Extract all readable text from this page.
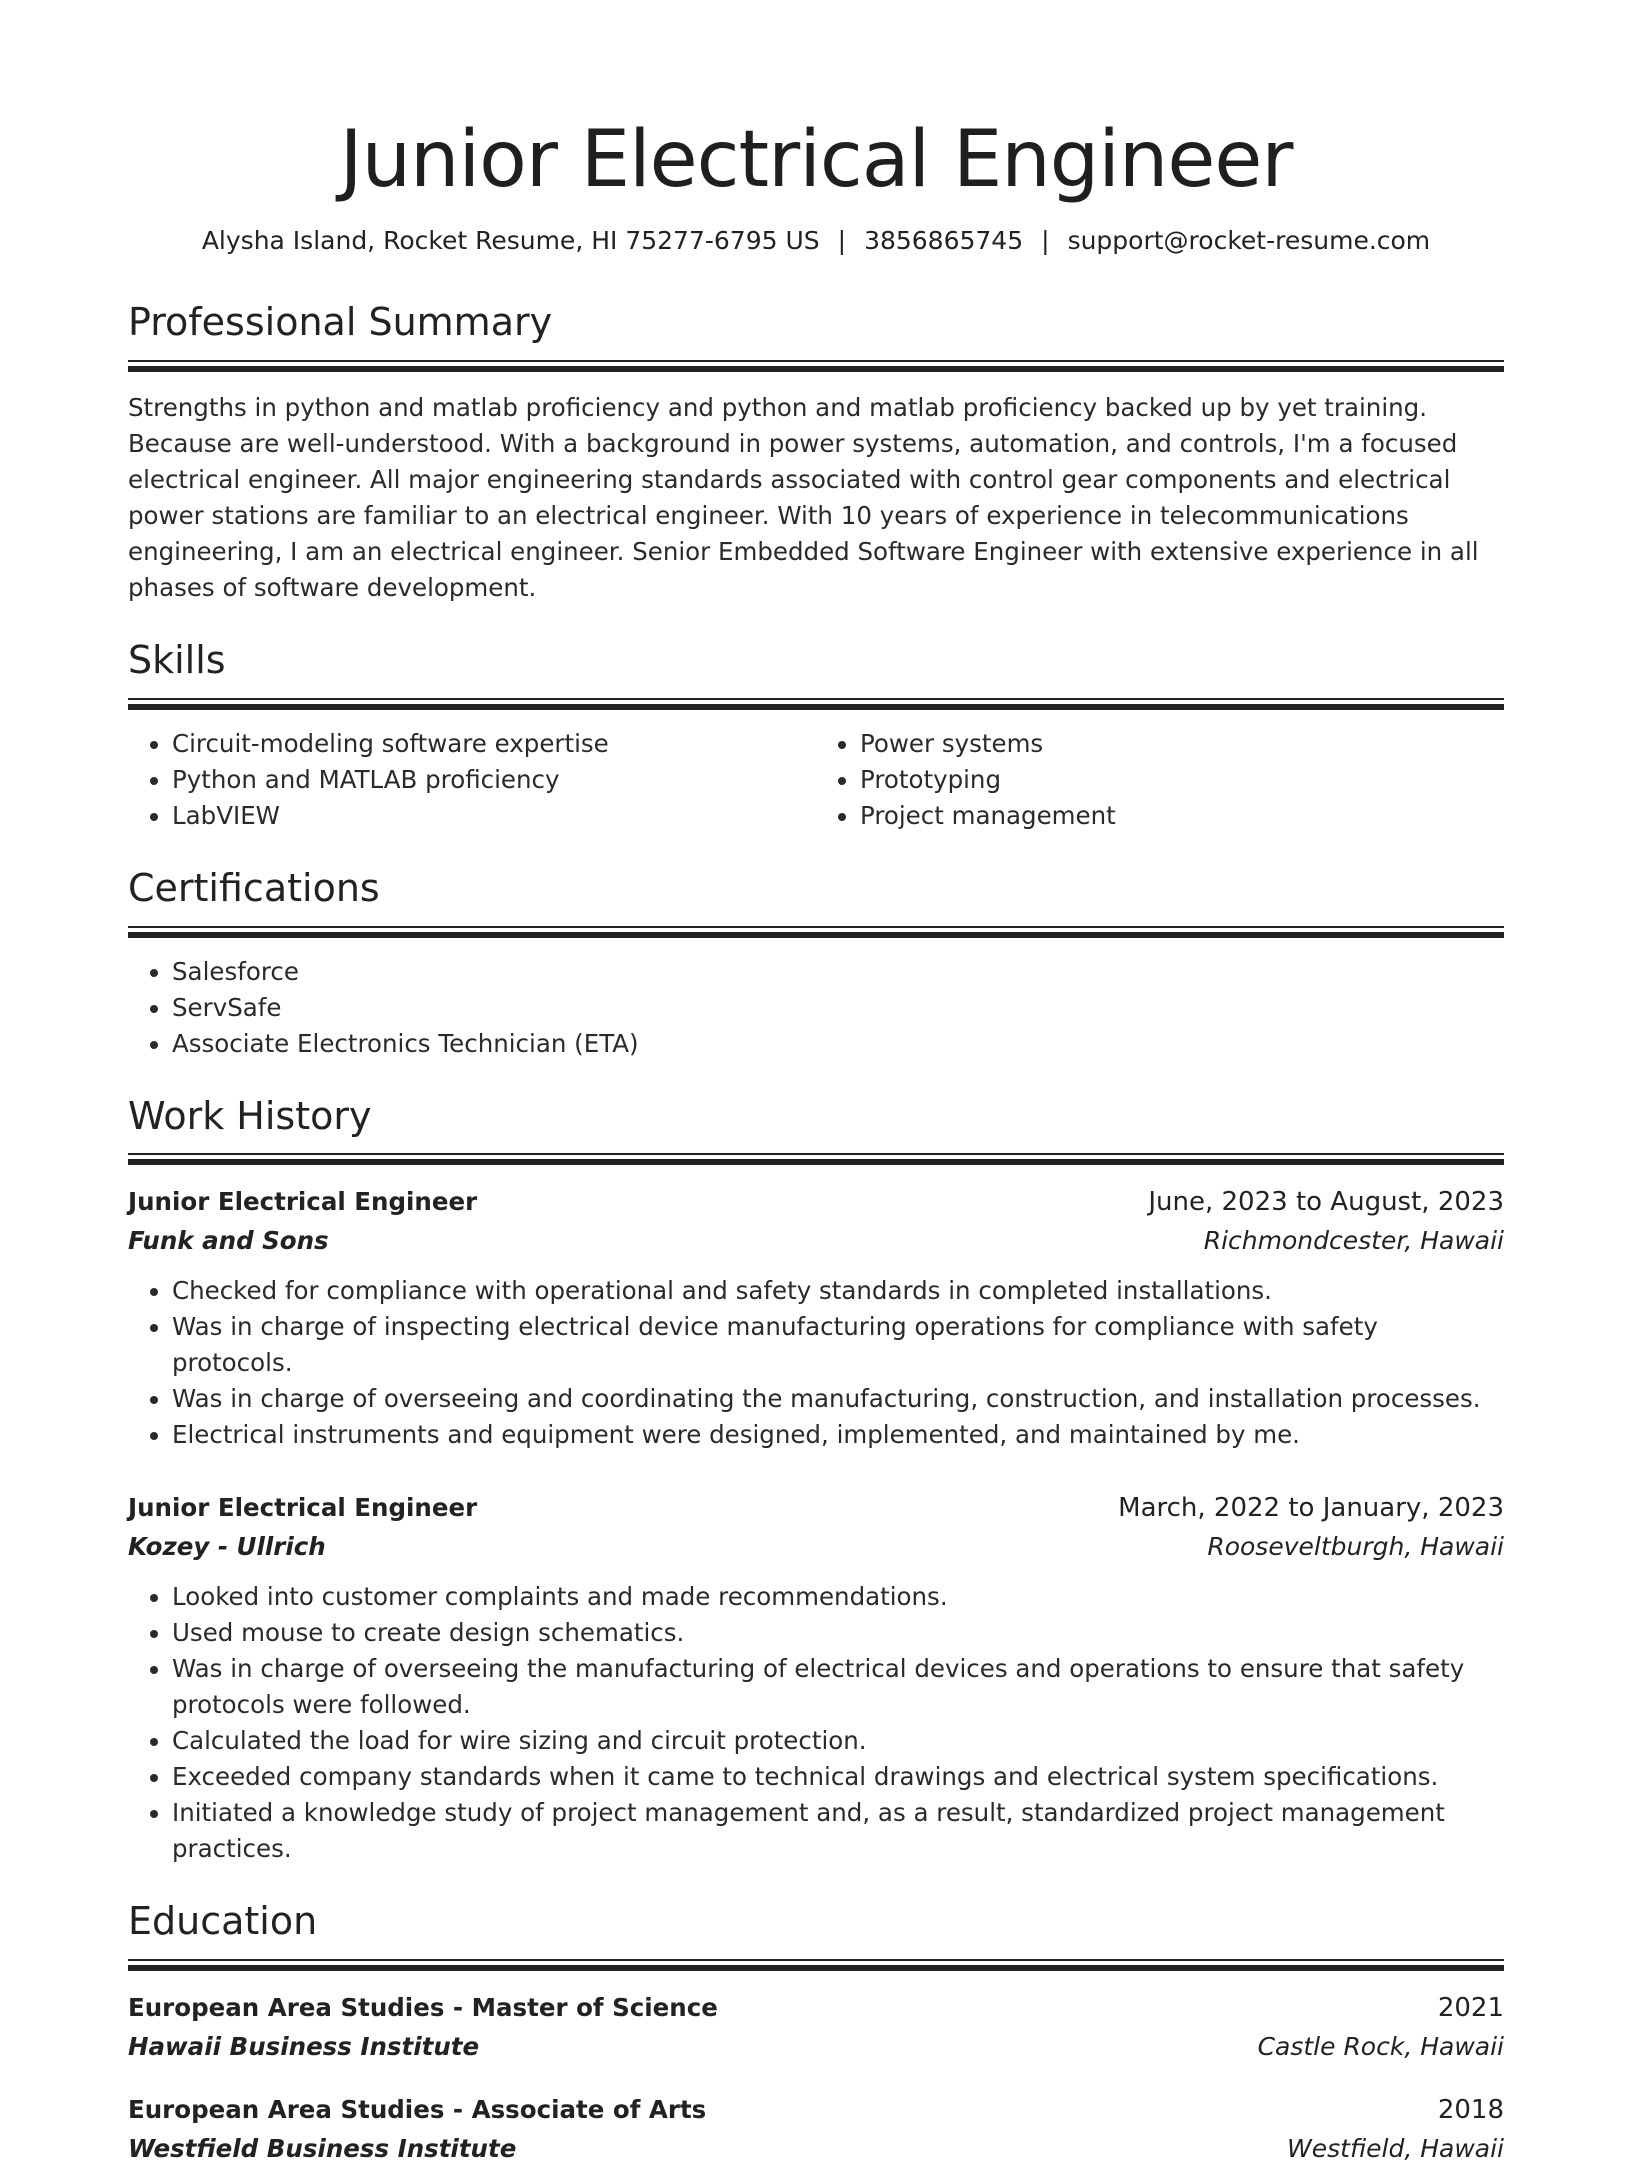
Junior Electrical Engineer
Alysha Island, Rocket Resume, HI 75277-6795 US | 3856865745 | support@rocket-resume.com
Professional Summary
Strengths in python and matlab proficiency and python and matlab proficiency backed up by yet training. Because are well-understood. With a background in power systems, automation, and controls, I'm a focused electrical engineer. All major engineering standards associated with control gear components and electrical power stations are familiar to an electrical engineer. With 10 years of experience in telecommunications engineering, I am an electrical engineer. Senior Embedded Software Engineer with extensive experience in all phases of software development.
Skills
• Circuit-modeling software expertise
• Python and MATLAB proficiency
• LabVIEW
• Power systems
• Prototyping
• Project management
Certifications
• Salesforce
• ServSafe
• Associate Electronics Technician (ETA)
Work History
Junior Electrical Engineer	June, 2023 to August, 2023
Funk and Sons	Richmondcester, Hawaii
• Checked for compliance with operational and safety standards in completed installations.
• Was in charge of inspecting electrical device manufacturing operations for compliance with safety protocols.
• Was in charge of overseeing and coordinating the manufacturing, construction, and installation processes.
• Electrical instruments and equipment were designed, implemented, and maintained by me.
Junior Electrical Engineer	March, 2022 to January, 2023
Kozey - Ullrich	Rooseveltburgh, Hawaii
• Looked into customer complaints and made recommendations.
• Used mouse to create design schematics.
• Was in charge of overseeing the manufacturing of electrical devices and operations to ensure that safety protocols were followed.
• Calculated the load for wire sizing and circuit protection.
• Exceeded company standards when it came to technical drawings and electrical system specifications.
• Initiated a knowledge study of project management and, as a result, standardized project management practices.
Education
European Area Studies - Master of Science	2021
Hawaii Business Institute	Castle Rock, Hawaii
European Area Studies - Associate of Arts	2018
Westfield Business Institute	Westfield, Hawaii
